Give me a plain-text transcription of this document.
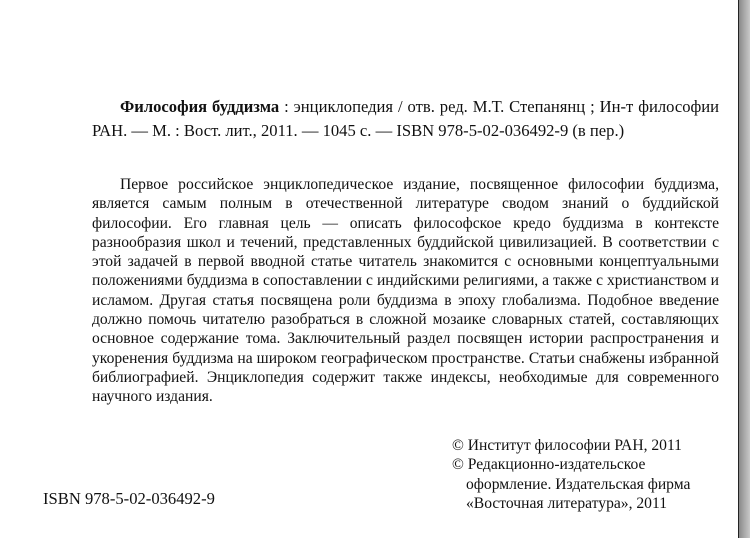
Философия буддизма : энциклопедия / отв. ред. М.Т. Степанянц ; Ин-т философии РАН. — М. : Вост. лит., 2011. — 1045 с. — ISBN 978-5-02-036492-9 (в пер.)
Первое российское энциклопедическое издание, посвященное философии буддизма, является самым полным в отечественной литературе сводом знаний о буддийской философии. Его главная цель — описать философское кредо буддизма в контексте разнообразия школ и течений, представленных буддийской цивилизацией. В соответствии с этой задачей в первой вводной статье читатель знакомится с основными концептуальными положениями буддизма в сопоставлении с индийскими религиями, а также с христианством и исламом. Другая статья посвящена роли буддизма в эпоху глобализма. Подобное введение должно помочь читателю разобраться в сложной мозаике словарных статей, составляющих основное содержание тома. Заключительный раздел посвящен истории распространения и укоренения буддизма на широком географическом пространстве. Статьи снабжены избранной библиографией. Энциклопедия содержит также индексы, необходимые для современного научного издания.
© Институт философии РАН, 2011
© Редакционно-издательское
оформление. Издательская фирма
«Восточная литература», 2011
ISBN 978-5-02-036492-9
